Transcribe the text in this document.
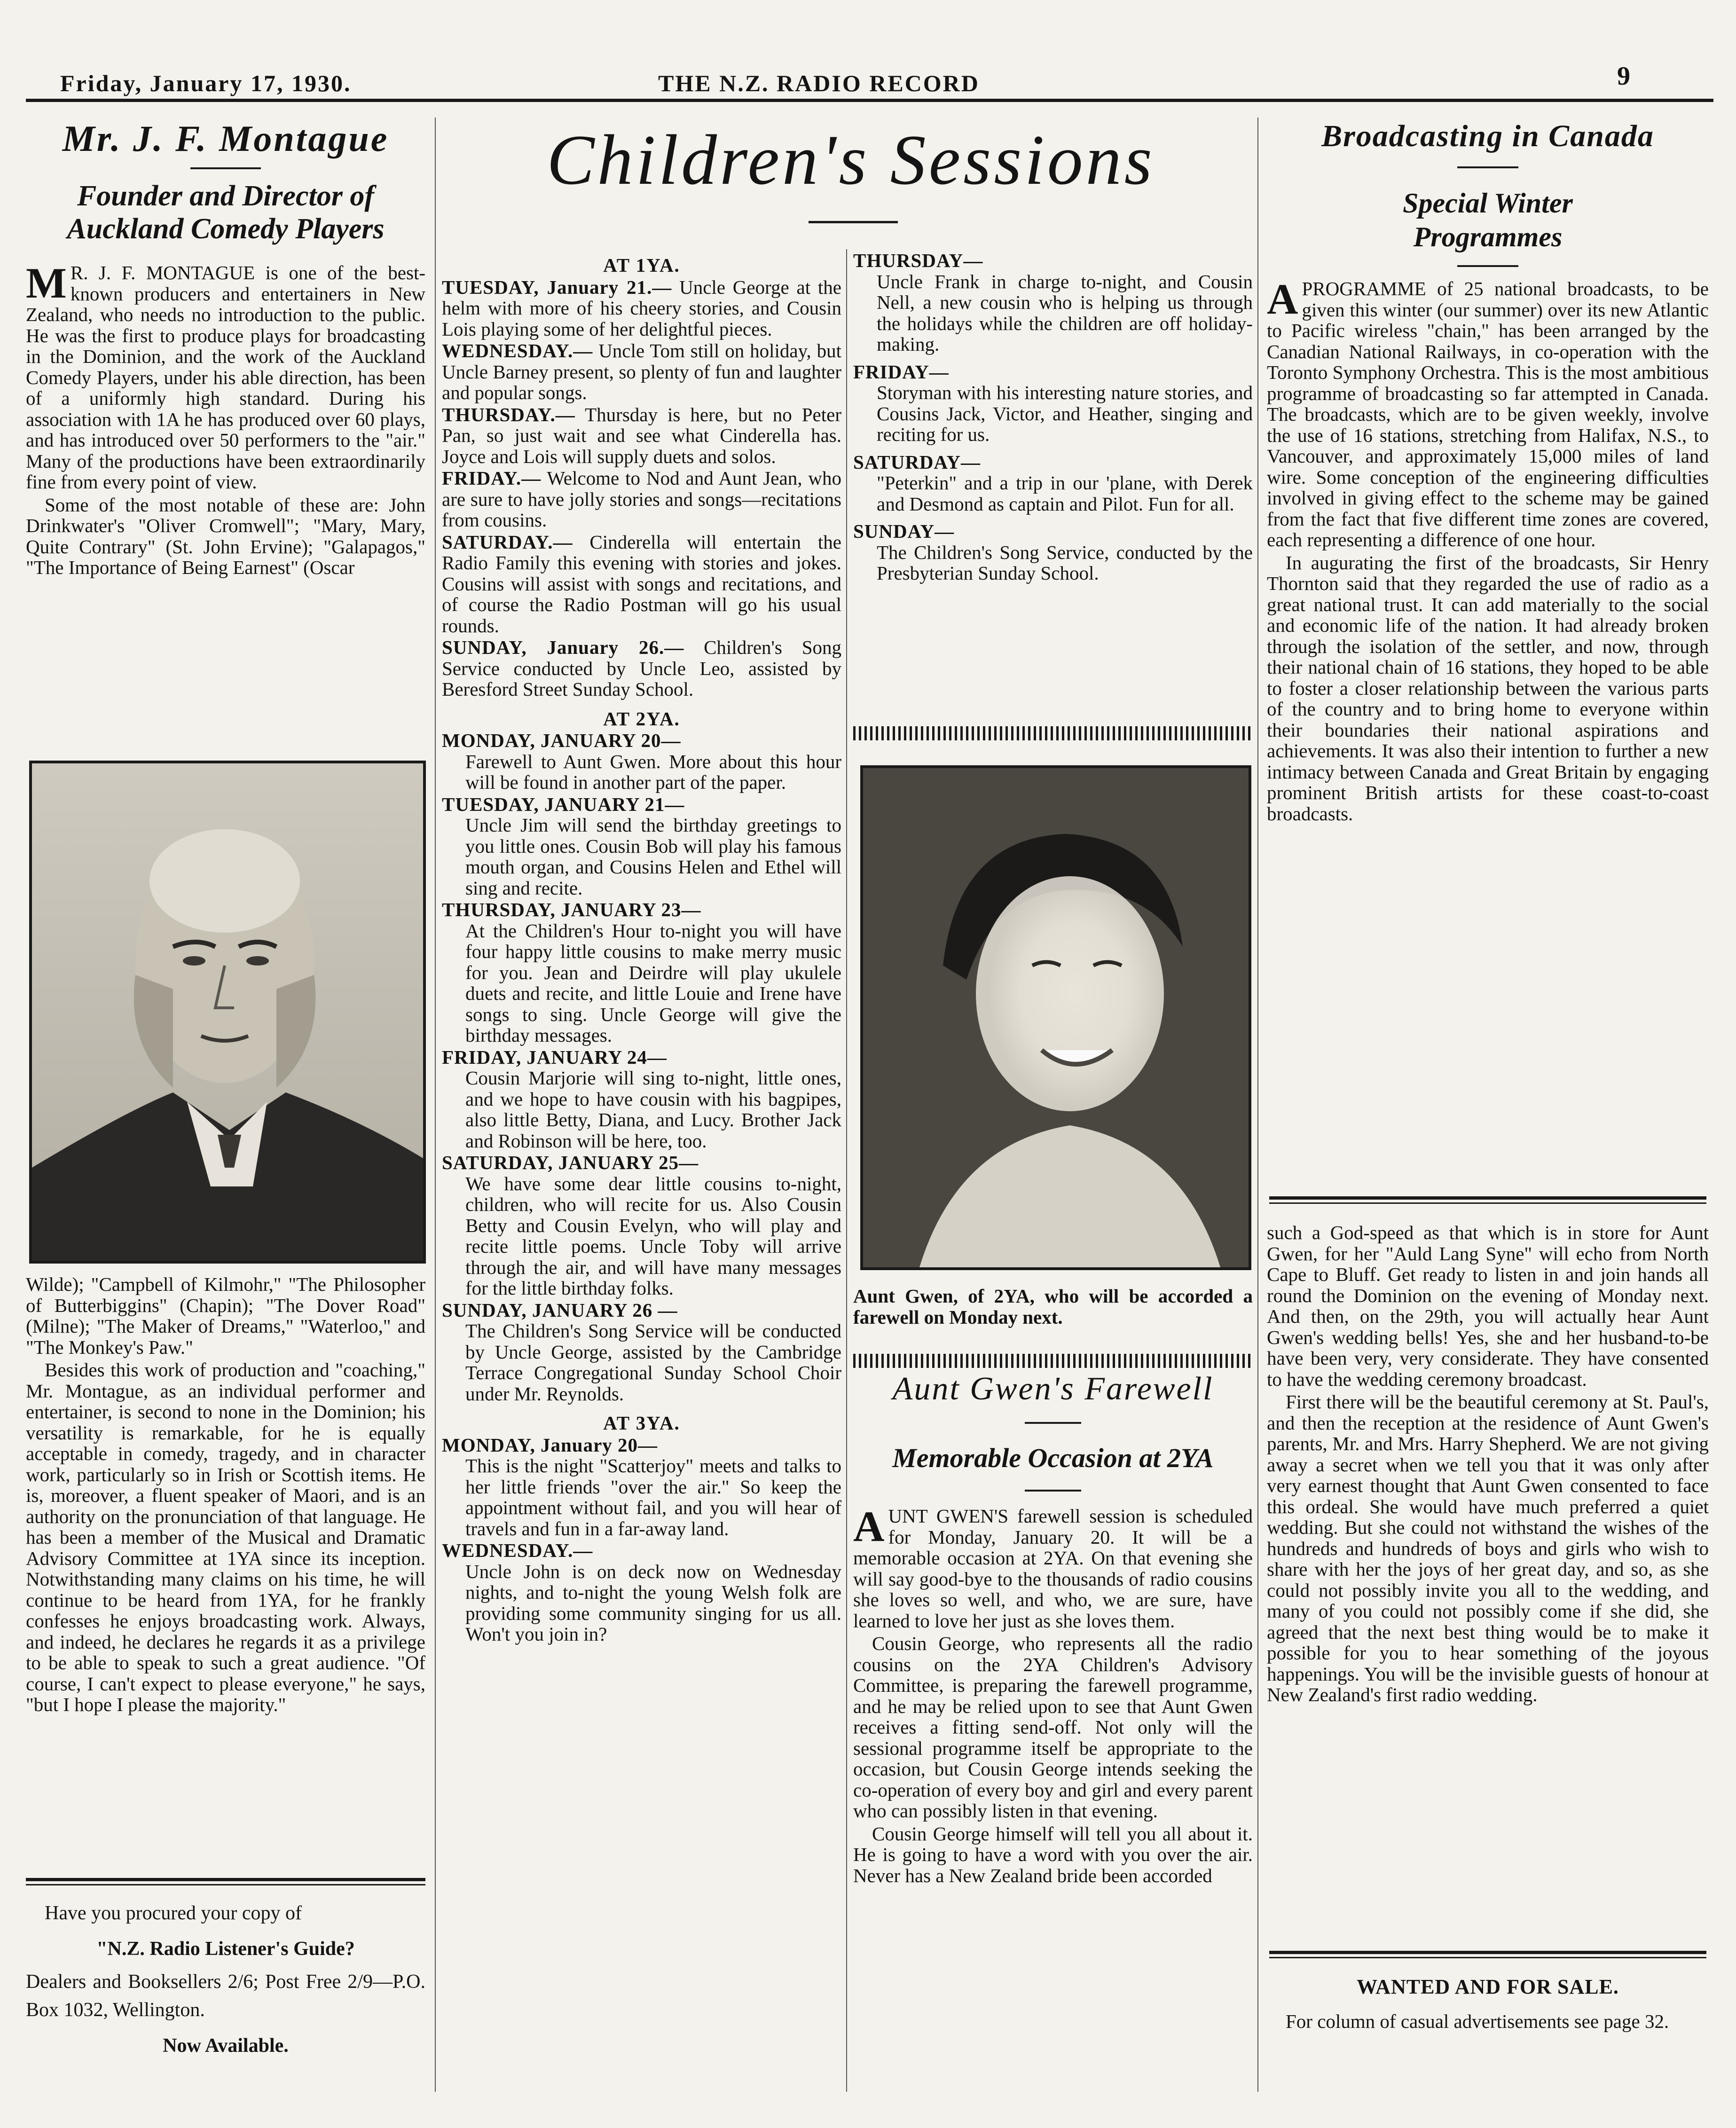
Friday, January 17, 1930.	THE N.Z. RADIO RECORD	9
Mr. J. F. Montague
Founder and Director of Auckland Comedy Players

M R. J. F. MONTAGUE is one of the best-known producers and entertainers in New Zealand, who needs no introduction to the public. He was the first to produce plays for broadcasting in the Dominion, and the work of the Auckland Comedy Players, under his able direction, has been of a uniformly high standard. During his association with 1A he has produced over 60 plays, and has introduced over 50 performers to the "air." Many of the productions have been extraordinarily fine from every point of view.

Some of the most notable of these are: John Drinkwater's "Oliver Cromwell"; "Mary, Mary, Quite Contrary" (St. John Ervine); "Galapagos," "The Importance of Being Earnest" (Oscar

Wilde); "Campbell of Kilmohr," "The Philosopher of Butterbiggins" (Chapin); "The Dover Road" (Milne); "The Maker of Dreams," "Waterloo," and "The Monkey's Paw."

Besides this work of production and "coaching," Mr. Montague, as an individual performer and entertainer, is second to none in the Dominion; his versatility is remarkable, for he is equally acceptable in comedy, tragedy, and in character work, particularly so in Irish or Scottish items. He is, moreover, a fluent speaker of Maori, and is an authority on the pronunciation of that language. He has been a member of the Musical and Dramatic Advisory Committee at 1YA since its inception. Notwithstanding many claims on his time, he will continue to be heard from 1YA, for he frankly confesses he enjoys broadcasting work. Always, and indeed, he declares he regards it as a privilege to be able to speak to such a great audience. "Of course, I can't expect to please everyone," he says, "but I hope I please the majority."

Have you procured your copy of
"N.Z. Radio Listener's Guide?
Dealers and Booksellers 2/6; Post Free 2/9—P.O. Box 1032, Wellington.
Now Available.
Children's Sessions
AT 1YA.
TUESDAY, January 21.— Uncle George at the helm with more of his cheery stories, and Cousin Lois playing some of her delightful pieces.
WEDNESDAY.— Uncle Tom still on holiday, but Uncle Barney present, so plenty of fun and laughter and popular songs.
THURSDAY.— Thursday is here, but no Peter Pan, so just wait and see what Cinderella has. Joyce and Lois will supply duets and solos.
FRIDAY.— Welcome to Nod and Aunt Jean, who are sure to have jolly stories and songs—recitations from cousins.
SATURDAY.— Cinderella will entertain the Radio Family this evening with stories and jokes. Cousins will assist with songs and recitations, and of course the Radio Postman will go his usual rounds.
SUNDAY, January 26.— Children's Song Service conducted by Uncle Leo, assisted by Beresford Street Sunday School.
AT 2YA.
MONDAY, JANUARY 20—
Farewell to Aunt Gwen. More about this hour will be found in another part of the paper.
TUESDAY, JANUARY 21—
Uncle Jim will send the birthday greetings to you little ones. Cousin Bob will play his famous mouth organ, and Cousins Helen and Ethel will sing and recite.
THURSDAY, JANUARY 23—
At the Children's Hour to-night you will have four happy little cousins to make merry music for you. Jean and Deirdre will play ukulele duets and recite, and little Louie and Irene have songs to sing. Uncle George will give the birthday messages.
FRIDAY, JANUARY 24—
Cousin Marjorie will sing to-night, little ones, and we hope to have cousin with his bagpipes, also little Betty, Diana, and Lucy. Brother Jack and Robinson will be here, too.
SATURDAY, JANUARY 25—
We have some dear little cousins to-night, children, who will recite for us. Also Cousin Betty and Cousin Evelyn, who will play and recite little poems. Uncle Toby will arrive through the air, and will have many messages for the little birthday folks.
SUNDAY, JANUARY 26 —
The Children's Song Service will be conducted by Uncle George, assisted by the Cambridge Terrace Congregational Sunday School Choir under Mr. Reynolds.
AT 3YA.
MONDAY, January 20—
This is the night "Scatterjoy" meets and talks to her little friends "over the air." So keep the appointment without fail, and you will hear of travels and fun in a far-away land.
WEDNESDAY.—
Uncle John is on deck now on Wednesday nights, and to-night the young Welsh folk are providing some community singing for us all. Won't you join in?
THURSDAY—
Uncle Frank in charge to-night, and Cousin Nell, a new cousin who is helping us through the holidays while the children are off holiday-making.
FRIDAY—
Storyman with his interesting nature stories, and Cousins Jack, Victor, and Heather, singing and reciting for us.
SATURDAY—
"Peterkin" and a trip in our 'plane, with Derek and Desmond as captain and Pilot. Fun for all.
SUNDAY—
The Children's Song Service, conducted by the Presbyterian Sunday School.
Aunt Gwen, of 2YA, who will be accorded a farewell on Monday next.
Aunt Gwen's Farewell
Memorable Occasion at 2YA

AUNT GWEN'S farewell session is scheduled for Monday, January 20. It will be a memorable occasion at 2YA. On that evening she will say good-bye to the thousands of radio cousins she loves so well, and who, we are sure, have learned to love her just as she loves them.

Cousin George, who represents all the radio cousins on the 2YA Children's Advisory Committee, is preparing the farewell programme, and he may be relied upon to see that Aunt Gwen receives a fitting send-off. Not only will the sessional programme itself be appropriate to the occasion, but Cousin George intends seeking the co-operation of every boy and girl and every parent who can possibly listen in that evening.

Cousin George himself will tell you all about it. He is going to have a word with you over the air. Never has a New Zealand bride been accorded

Broadcasting in Canada
Special Winter Programmes

APROGRAMME of 25 national broadcasts, to be given this winter (our summer) over its new Atlantic to Pacific wireless "chain," has been arranged by the Canadian National Railways, in co-operation with the Toronto Symphony Orchestra. This is the most ambitious programme of broadcasting so far attempted in Canada. The broadcasts, which are to be given weekly, involve the use of 16 stations, stretching from Halifax, N.S., to Vancouver, and approximately 15,000 miles of land wire. Some conception of the engineering difficulties involved in giving effect to the scheme may be gained from the fact that five different time zones are covered, each representing a difference of one hour.

In augurating the first of the broadcasts, Sir Henry Thornton said that they regarded the use of radio as a great national trust. It can add materially to the social and economic life of the nation. It had already broken through the isolation of the settler, and now, through their national chain of 16 stations, they hoped to be able to foster a closer relationship between the various parts of the country and to bring home to everyone within their boundaries their national aspirations and achievements. It was also their intention to further a new intimacy between Canada and Great Britain by engaging prominent British artists for these coast-to-coast broadcasts.

such a God-speed as that which is in store for Aunt Gwen, for her "Auld Lang Syne" will echo from North Cape to Bluff. Get ready to listen in and join hands all round the Dominion on the evening of Monday next. And then, on the 29th, you will actually hear Aunt Gwen's wedding bells! Yes, she and her husband-to-be have been very, very considerate. They have consented to have the wedding ceremony broadcast.

First there will be the beautiful ceremony at St. Paul's, and then the reception at the residence of Aunt Gwen's parents, Mr. and Mrs. Harry Shepherd. We are not giving away a secret when we tell you that it was only after very earnest thought that Aunt Gwen consented to face this ordeal. She would have much preferred a quiet wedding. But she could not withstand the wishes of the hundreds and hundreds of boys and girls who wish to share with her the joys of her great day, and so, as she could not possibly invite you all to the wedding, and many of you could not possibly come if she did, she agreed that the next best thing would be to make it possible for you to hear something of the joyous happenings. You will be the invisible guests of honour at New Zealand's first radio wedding.

WANTED AND FOR SALE.

For column of casual advertisements see page 32.
